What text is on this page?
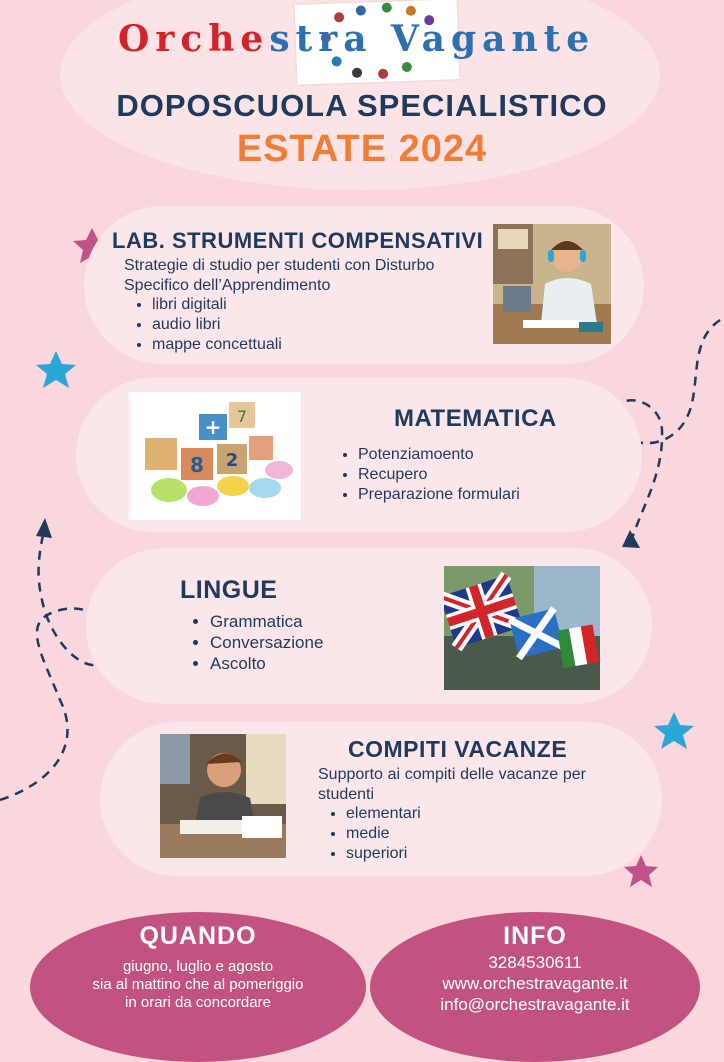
Orchestra Vagante
DOPOSCUOLA SPECIALISTICO
ESTATE 2024
LAB. STRUMENTI COMPENSATIVI
Strategie di studio per studenti con Disturbo Specifico dell’Apprendimento
• libri digitali
• audio libri
• mappe concettuali
MATEMATICA
• Potenziamoento
• Recupero
• Preparazione formulari
+ 7
8 2
LINGUE
• Grammatica
• Conversazione
• Ascolto
COMPITI VACANZE
Supporto ai compiti delle vacanze per studenti
• elementari
• medie
• superiori
QUANDO
giugno, luglio e agosto
sia al mattino che al pomeriggio
in orari da concordare
INFO
3284530611
www.orchestravagante.it
info@orchestravagante.it
